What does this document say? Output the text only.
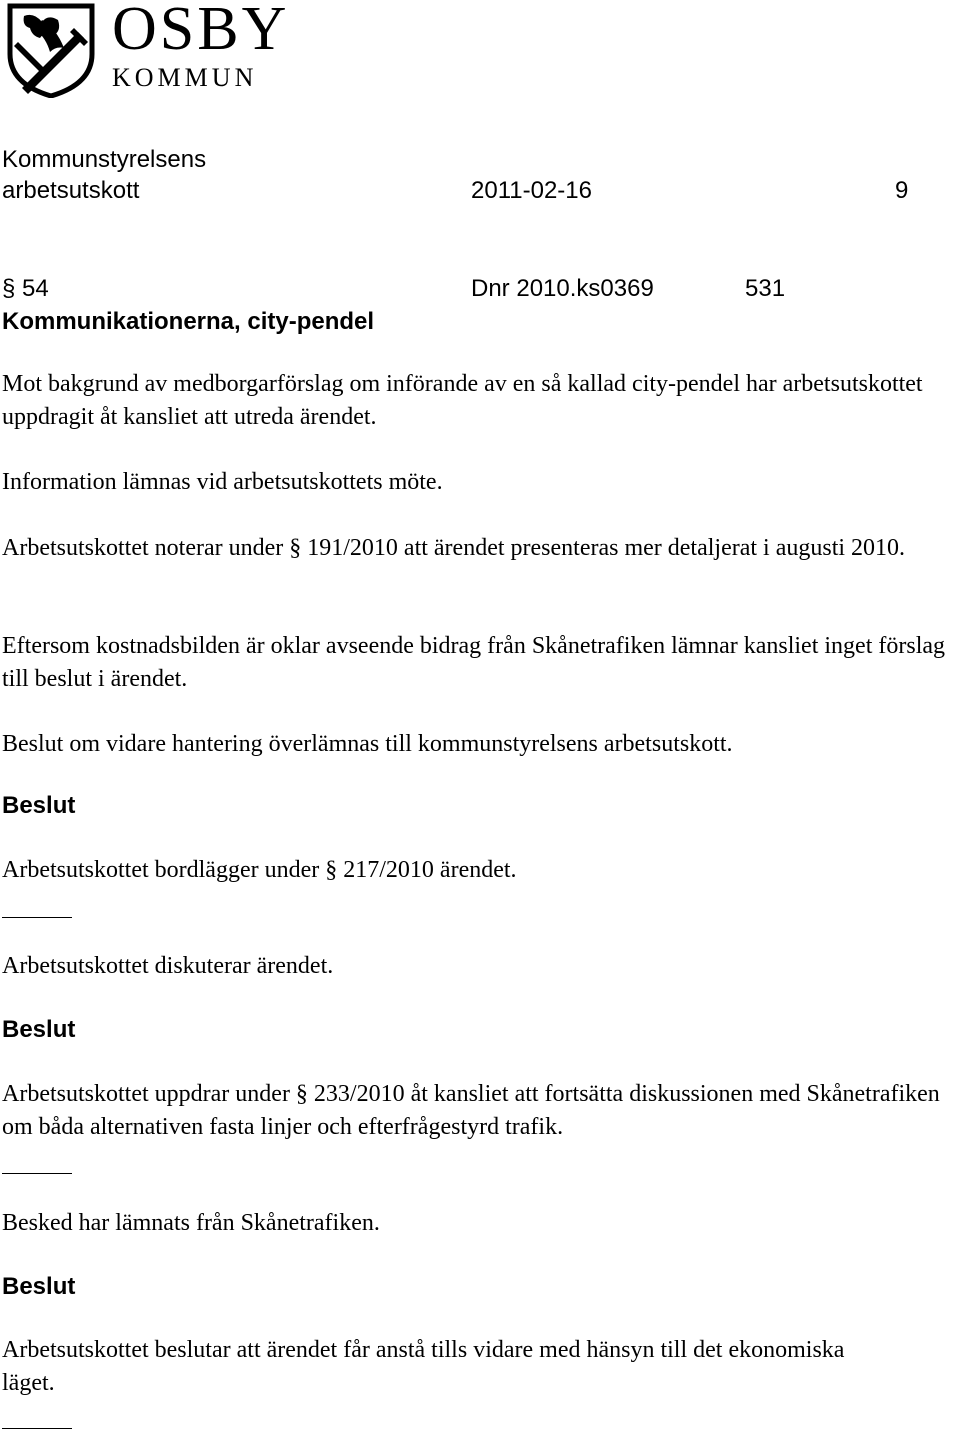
OSBY
KOMMUN
Kommunstyrelsens
arbetsutskott	2011-02-16	9
§ 54	Dnr 2010.ks0369	531
Kommunikationerna, city-pendel
Mot bakgrund av medborgarförslag om införande av en så kallad city-pendel har arbetsutskottet uppdragit åt kansliet att utreda ärendet.
Information lämnas vid arbetsutskottets möte.
Arbetsutskottet noterar under § 191/2010 att ärendet presenteras mer detaljerat i augusti 2010.
Eftersom kostnadsbilden är oklar avseende bidrag från Skånetrafiken lämnar kansliet inget förslag till beslut i ärendet.
Beslut om vidare hantering överlämnas till kommunstyrelsens arbetsutskott.
Beslut
Arbetsutskottet bordlägger under § 217/2010 ärendet.
Arbetsutskottet diskuterar ärendet.
Beslut
Arbetsutskottet uppdrar under § 233/2010 åt kansliet att fortsätta diskussionen med Skånetrafiken om båda alternativen fasta linjer och efterfrågestyrd trafik.
Besked har lämnats från Skånetrafiken.
Beslut
Arbetsutskottet beslutar att ärendet får anstå tills vidare med hänsyn till det ekonomiska läget.
